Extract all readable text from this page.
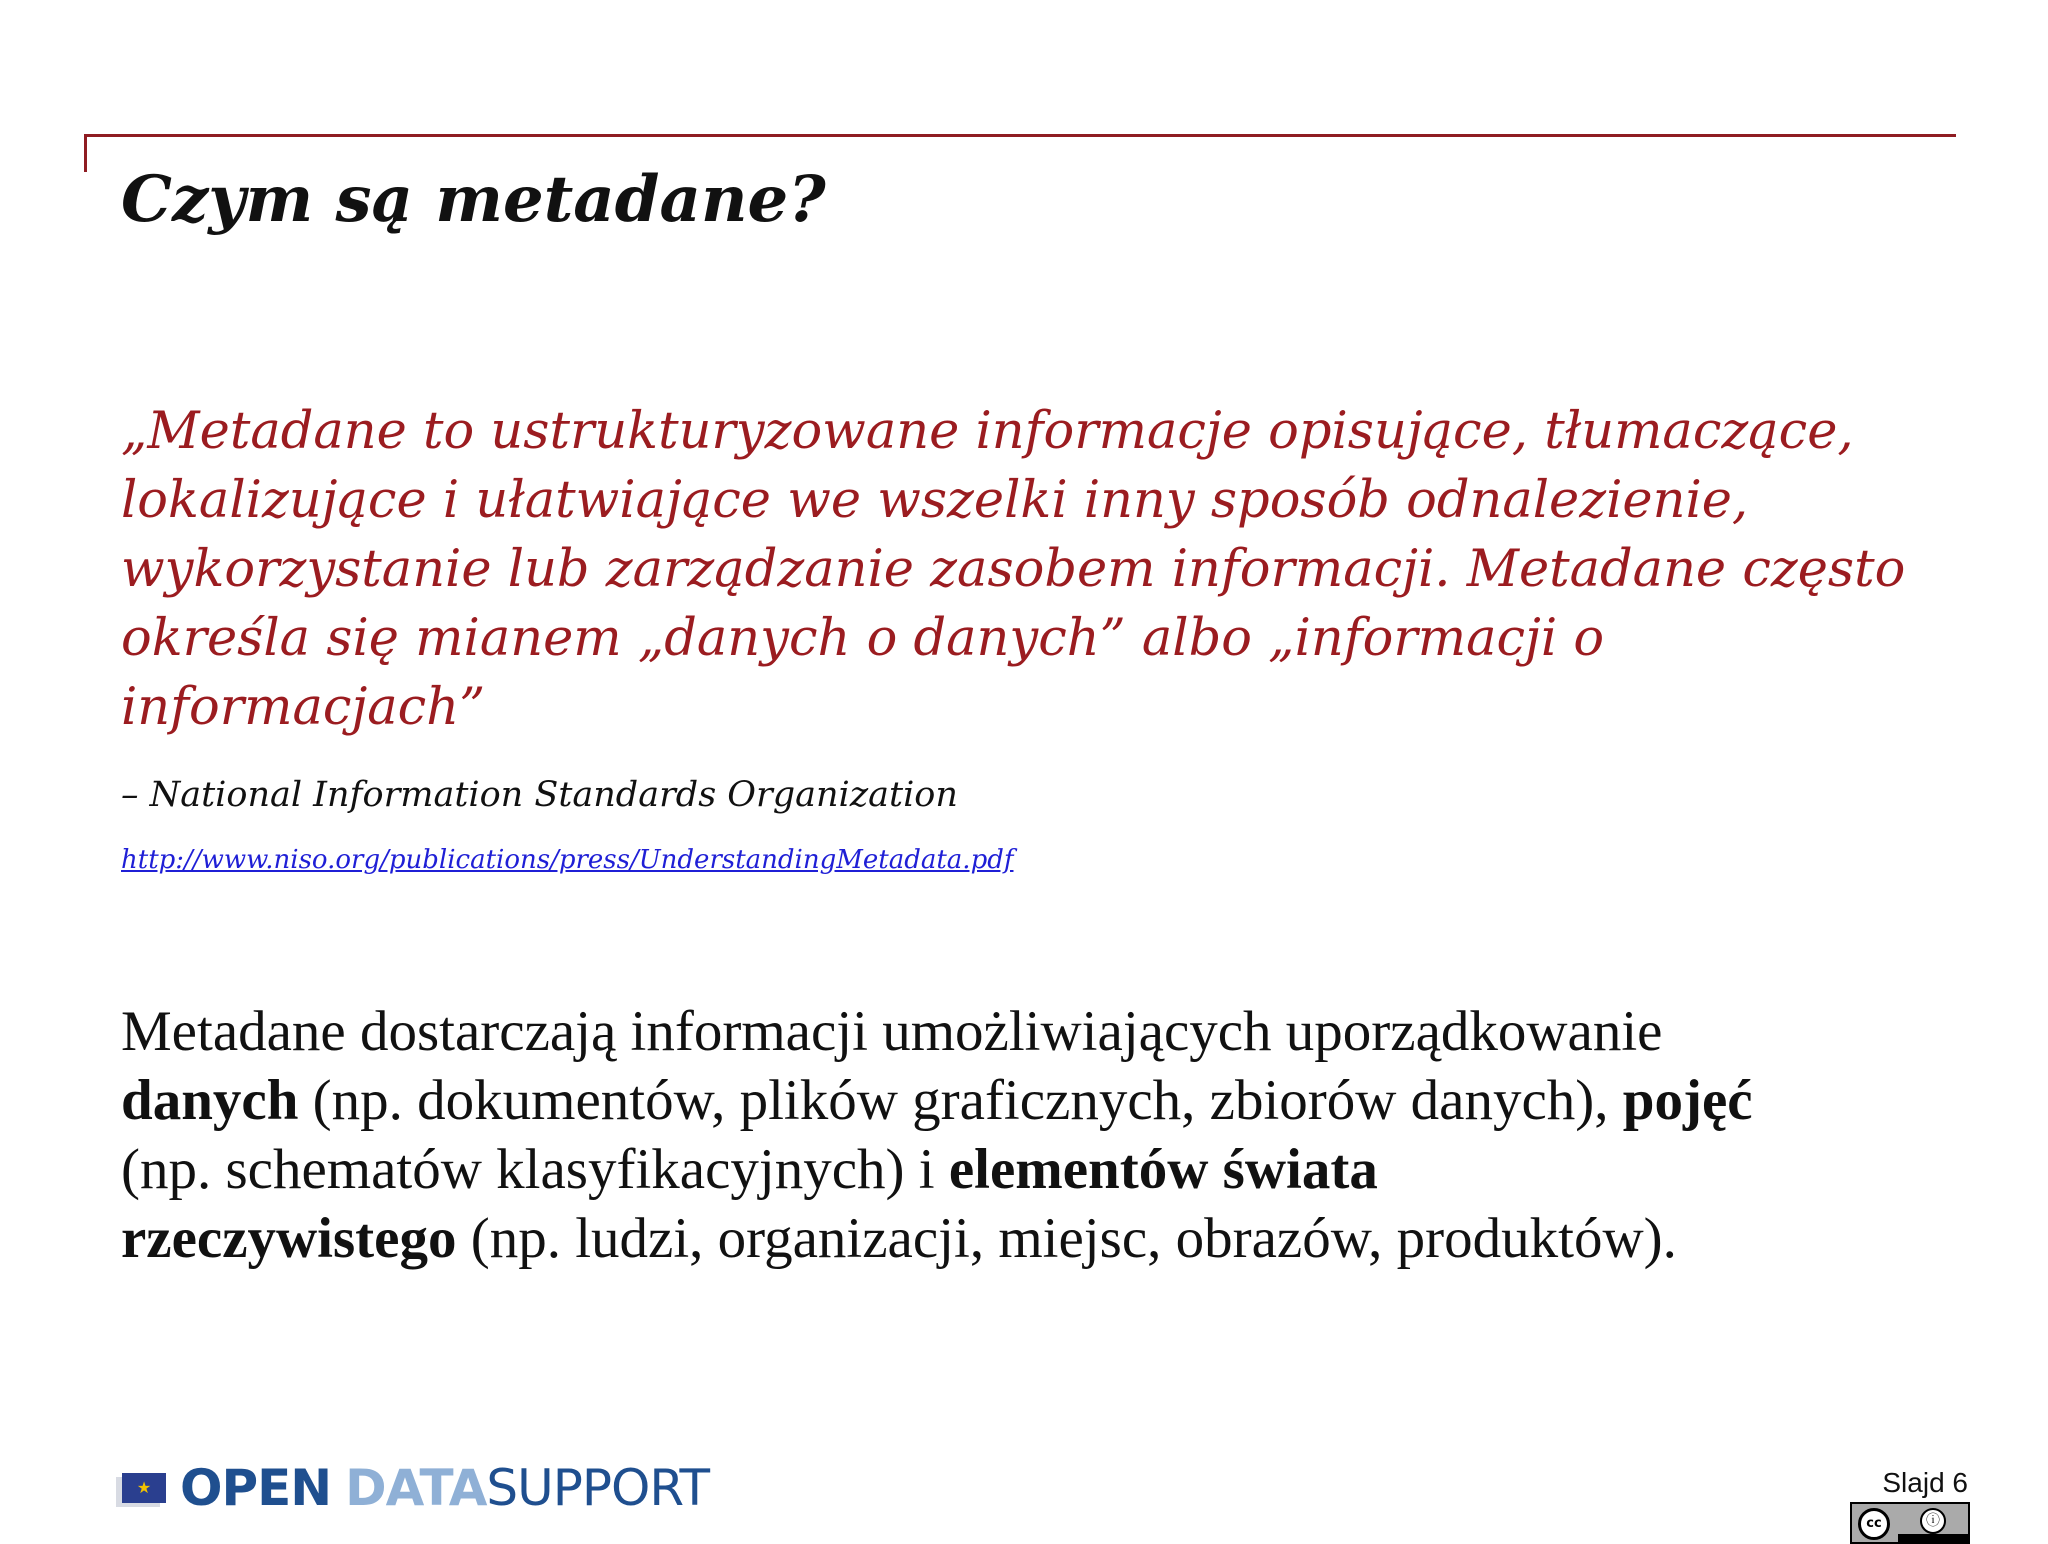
Czym są metadane?
„Metadane to ustrukturyzowane informacje opisujące, tłumaczące,
lokalizujące i ułatwiające we wszelki inny sposób odnalezienie,
wykorzystanie lub zarządzanie zasobem informacji. Metadane często
określa się mianem „danych o danych” albo „informacji o
informacjach”

– National Information Standards Organization

http://www.niso.org/publications/press/UnderstandingMetadata.pdf
Metadane dostarczają informacji umożliwiających uporządkowanie
danych (np. dokumentów, plików graficznych, zbiorów danych), pojęć
(np. schematów klasyfikacyjnych) i elementów świata
rzeczywistego (np. ludzi, organizacji, miejsc, obrazów, produktów).
★
OPEN DATASUPPORT	Slajd 6
cc	ⓘ
